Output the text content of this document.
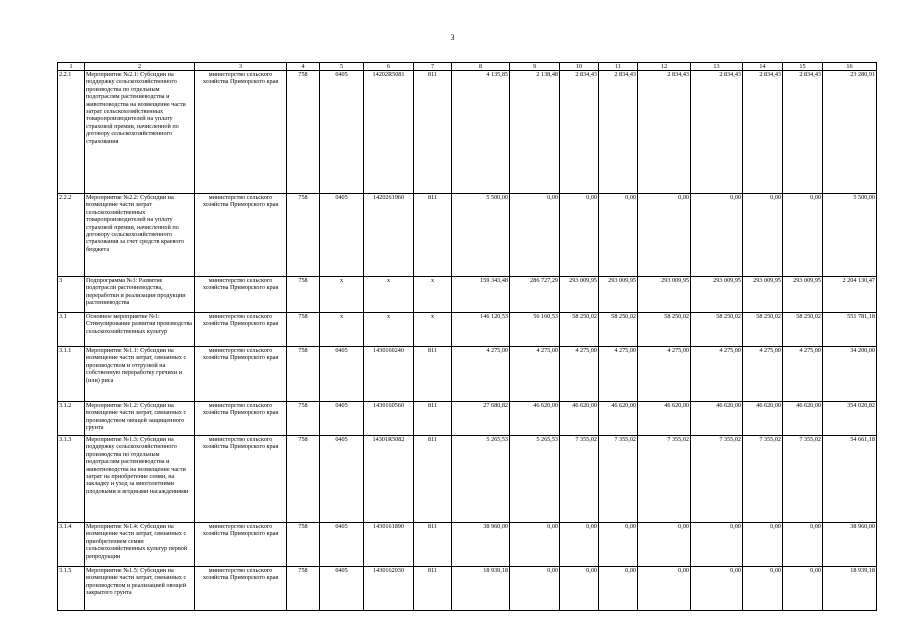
3
1	2	3	4	5	6	7	8	9	10	11	12	13	14	15	16
2.2.1	Мероприятие №2.1: Субсидии на поддержку сельскохозяйственного производства по отдельным подотраслям растениеводства и животноводства на возмещение части затрат сельскохозяйственных товаропроизводителей на уплату страховой премии, начисленной по договору сельскохозяйственного страхования	министерство сельского хозяйства Приморского края	758	0405	14202R5081	811	4 135,85	2 138,48	2 834,43	2 834,43	2 834,43	2 834,43	2 834,43	2 834,43	23 280,91
2.2.2	Мероприятие №2.2: Субсидии на возмещение части затрат сельскохозяйственных товаропроизводителей на уплату страховой премии, начисленной по договору сельскохозяйственного страхования за счет средств краевого бюджета	министерство сельского хозяйства Приморского края	758	0405	1420261960	811	5 500,00	0,00	0,00	0,00	0,00	0,00	0,00	0,00	5 500,00
3	Подпрограмма №3: Развитие подотрасли растениеводства, переработки и реализации продукции растениеводства	министерство сельского хозяйства Приморского края	758	x	x	x	159 343,48	286 727,29	293 009,95	293 009,95	293 009,95	293 009,95	293 009,95	293 009,95	2 204 130,47
3.1	Основное мероприятие №1: Стимулирование развития производства сельскохозяйственных культур	министерство сельского хозяйства Приморского края	758	x	x	x	146 120,53	56 160,53	58 250,02	58 250,02	58 250,02	58 250,02	58 250,02	58 250,02	551 781,18
3.1.1	Мероприятие №1.1: Субсидии на возмещение части затрат, связанных с производством и отгрузкой на собственную переработку гречихи и (или) риса	министерство сельского хозяйства Приморского края	758	0405	1430160240	811	4 275,00	4 275,00	4 275,00	4 275,00	4 275,00	4 275,00	4 275,00	4 275,00	34 200,00
3.1.2	Мероприятие №1.2: Субсидии на возмещение части затрат, связанных с производством овощей защищенного грунта	министерство сельского хозяйства Приморского края	758	0405	1430160560	811	27 680,82	46 620,00	46 620,00	46 620,00	46 620,00	46 620,00	46 620,00	46 620,00	354 020,82
3.1.3	Мероприятие №1.3: Субсидии на поддержку сельскохозяйственного производства по отдельным подотраслям растениеводства и животноводства на возмещение части затрат на приобретение семян, на закладку и уход за многолетними плодовыми и ягодными насаждениями	министерство сельского хозяйства Приморского края	758	0405	14301R5082	811	5 265,53	5 265,53	7 355,02	7 355,02	7 355,02	7 355,02	7 355,02	7 355,02	54 661,18
3.1.4	Мероприятие №1.4: Субсидии на возмещение части затрат, связанных с приобретением семян сельскохозяйственных культур первой репродукции	министерство сельского хозяйства Приморского края	758	0405	1430161890	811	38 960,00	0,00	0,00	0,00	0,00	0,00	0,00	0,00	38 960,00
3.1.5	Мероприятие №1.5: Субсидии на возмещение части затрат, связанных с производством и реализацией овощей закрытого грунта	министерство сельского хозяйства Приморского края	758	0405	1430162030	811	18 939,18	0,00	0,00	0,00	0,00	0,00	0,00	0,00	18 939,18
